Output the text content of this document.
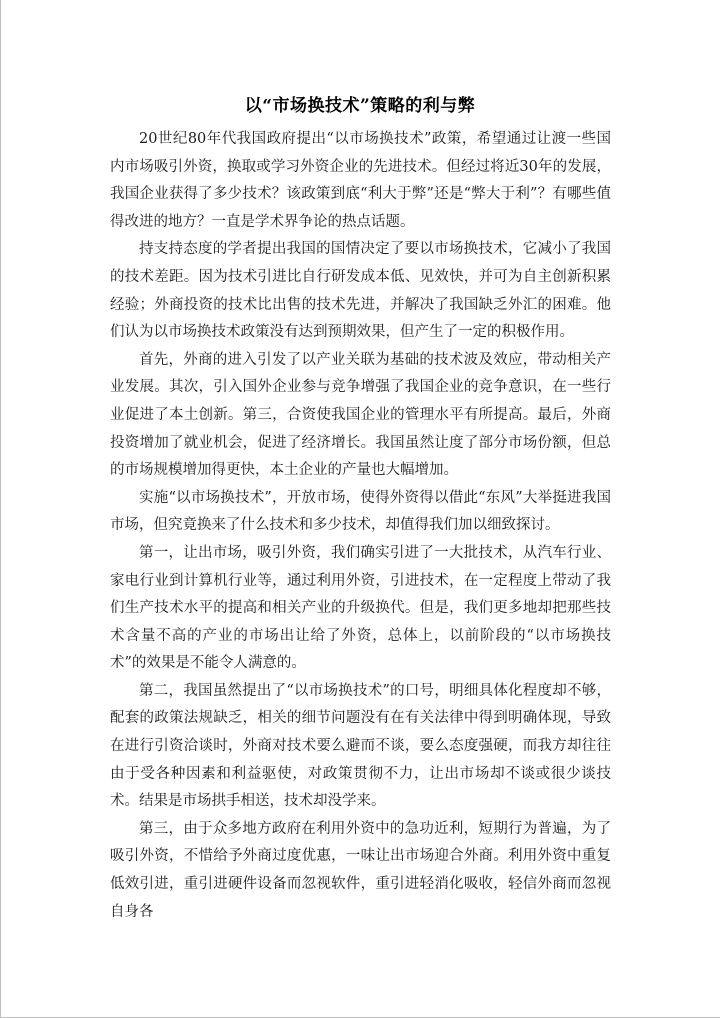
以“市场换技术”策略的利与弊

20世纪80年代我国政府提出“以市场换技术”政策，希望通过让渡一些国内市场吸引外资，换取或学习外资企业的先进技术。但经过将近30年的发展，我国企业获得了多少技术？该政策到底“利大于弊”还是“弊大于利”？有哪些值得改进的地方？一直是学术界争论的热点话题。

持支持态度的学者提出我国的国情决定了要以市场换技术，它减小了我国的技术差距。因为技术引进比自行研发成本低、见效快，并可为自主创新积累经验；外商投资的技术比出售的技术先进，并解决了我国缺乏外汇的困难。他们认为以市场换技术政策没有达到预期效果，但产生了一定的积极作用。

首先，外商的进入引发了以产业关联为基础的技术波及效应，带动相关产业发展。其次，引入国外企业参与竞争增强了我国企业的竞争意识，在一些行业促进了本土创新。第三，合资使我国企业的管理水平有所提高。最后，外商投资增加了就业机会，促进了经济增长。我国虽然让度了部分市场份额，但总的市场规模增加得更快，本土企业的产量也大幅增加。

实施“以市场换技术”，开放市场，使得外资得以借此“东风”大举挺进我国市场，但究竟换来了什么技术和多少技术，却值得我们加以细致探讨。

第一，让出市场，吸引外资，我们确实引进了一大批技术，从汽车行业、家电行业到计算机行业等，通过利用外资，引进技术，在一定程度上带动了我们生产技术水平的提高和相关产业的升级换代。但是，我们更多地却把那些技术含量不高的产业的市场出让给了外资，总体上，以前阶段的“以市场换技术”的效果是不能令人满意的。

第二，我国虽然提出了“以市场换技术”的口号，明细具体化程度却不够，配套的政策法规缺乏，相关的细节问题没有在有关法律中得到明确体现，导致在进行引资洽谈时，外商对技术要么避而不谈，要么态度强硬，而我方却往往由于受各种因素和利益驱使，对政策贯彻不力，让出市场却不谈或很少谈技术。结果是市场拱手相送，技术却没学来。

第三，由于众多地方政府在利用外资中的急功近利，短期行为普遍，为了吸引外资，不惜给予外商过度优惠，一味让出市场迎合外商。利用外资中重复低效引进，重引进硬件设备而忽视软件，重引进轻消化吸收，轻信外商而忽视自身各
